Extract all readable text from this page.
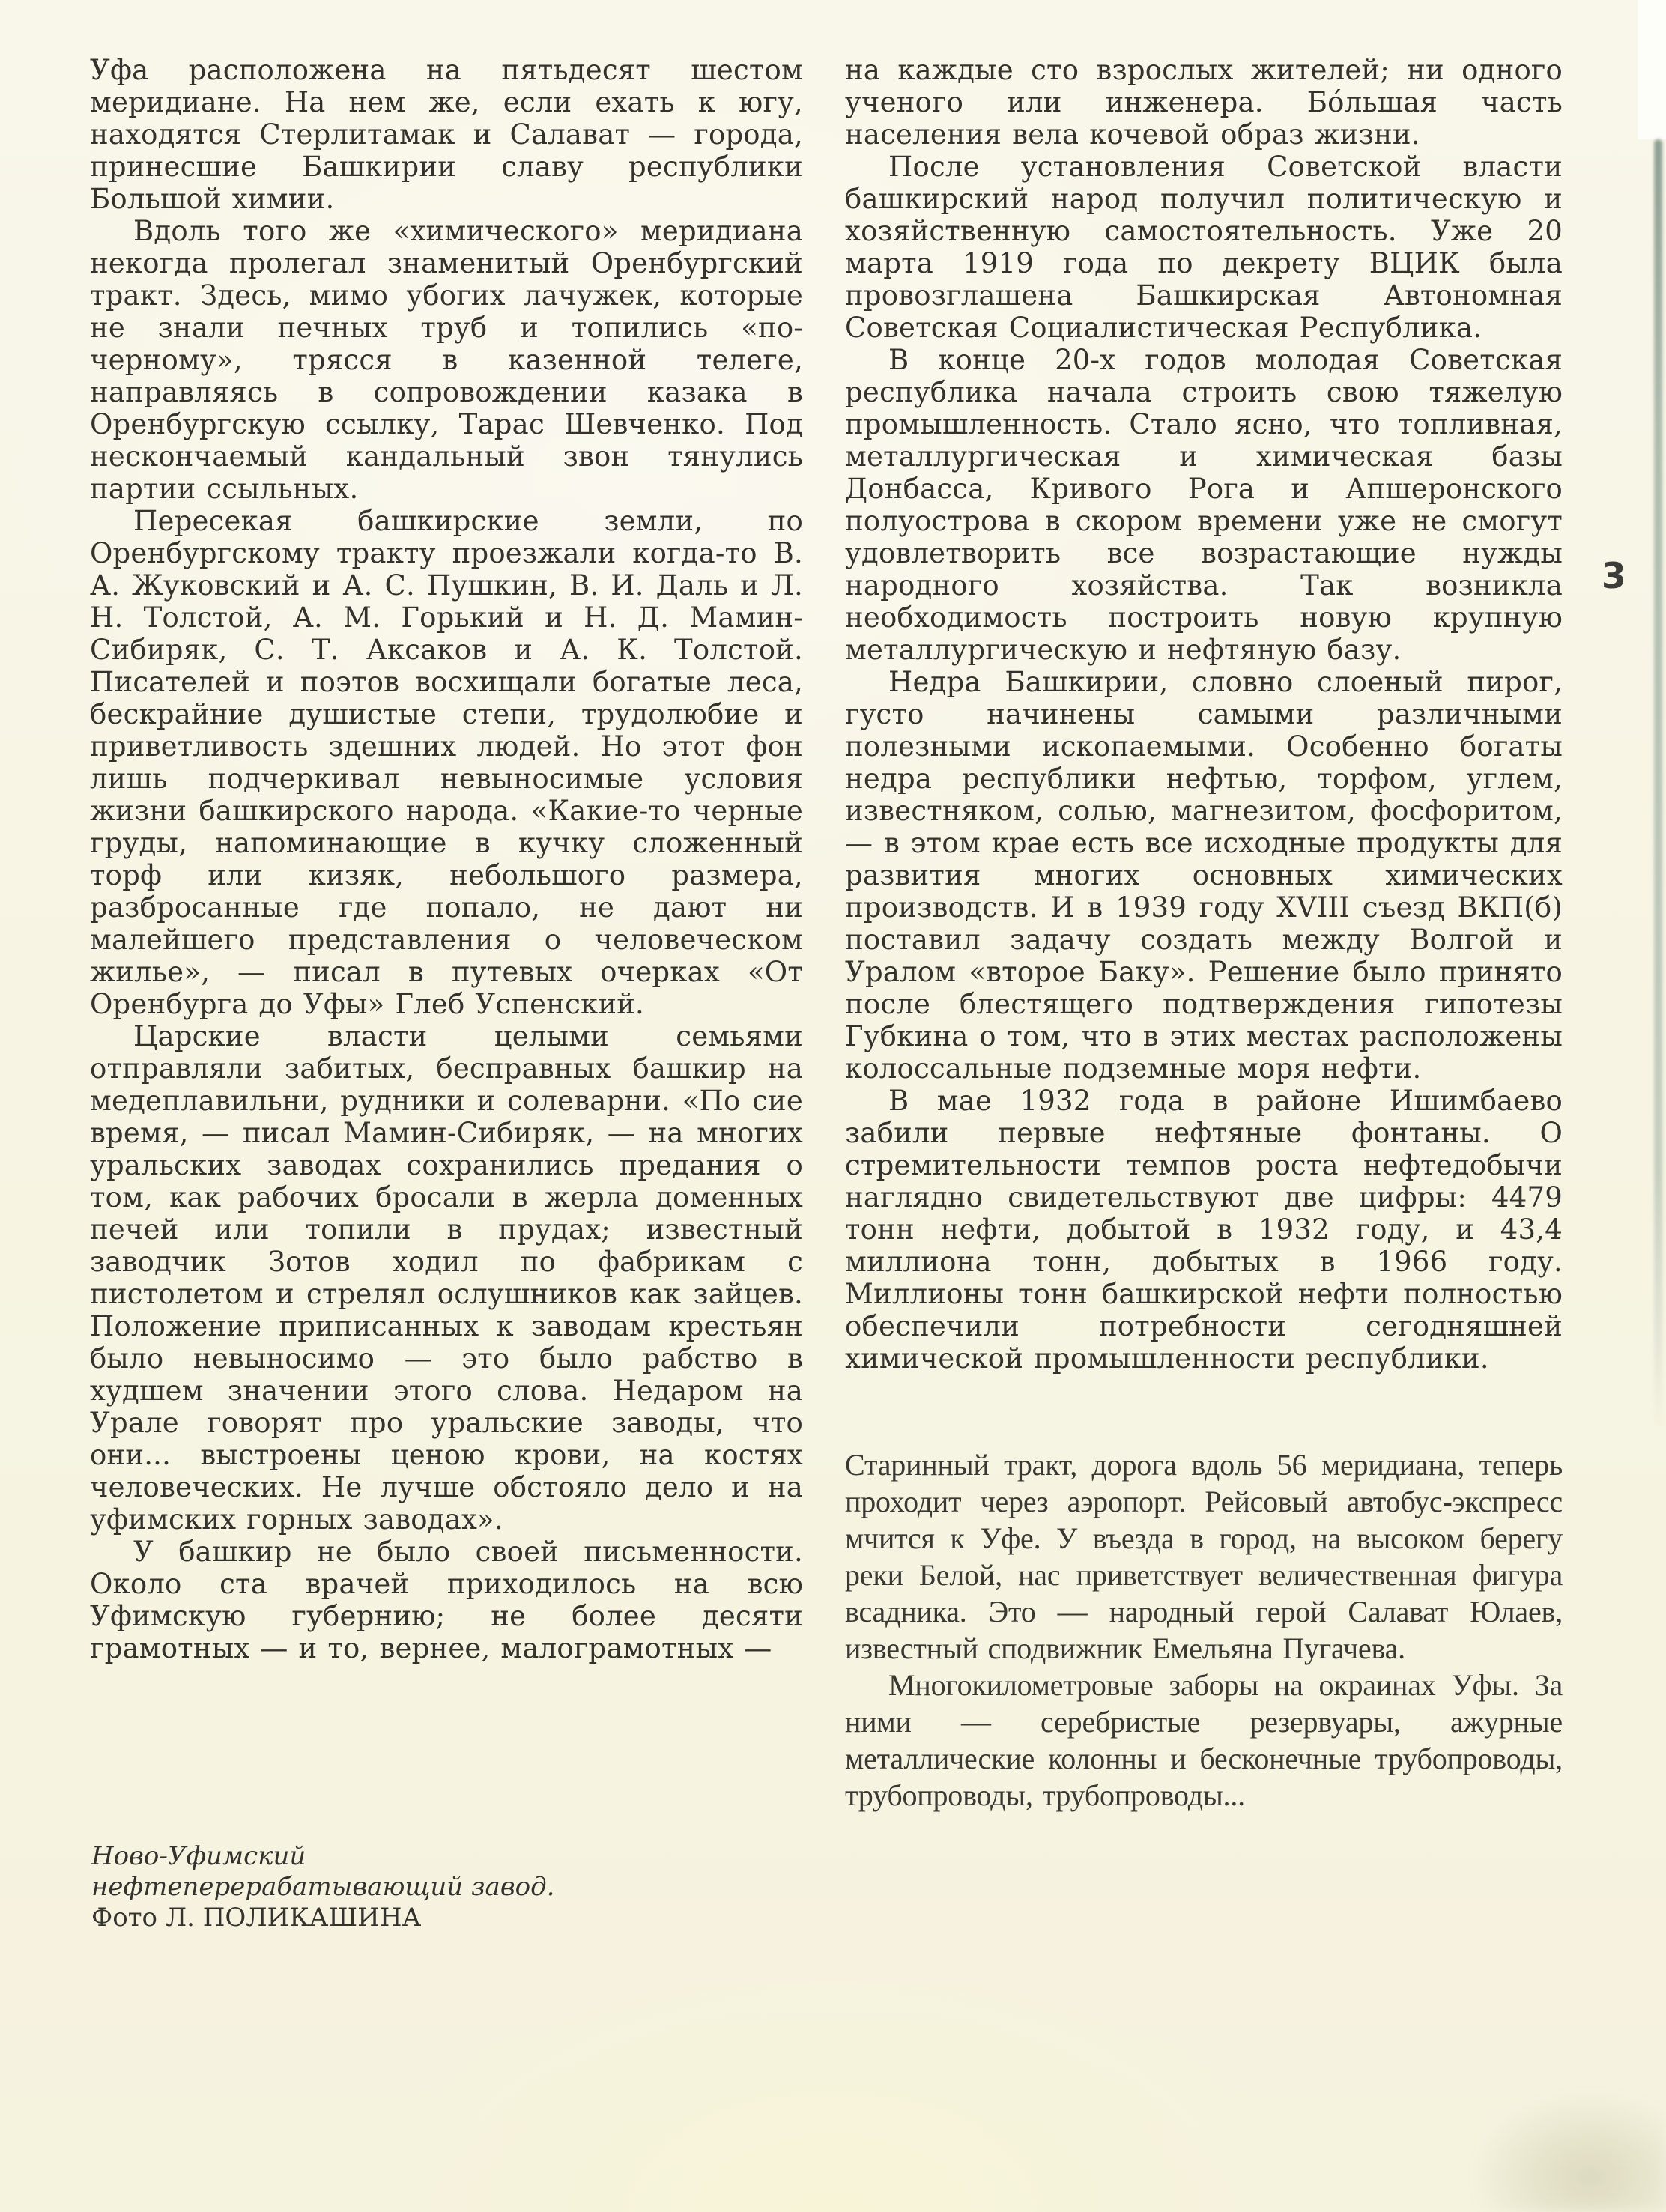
Уфа расположена на пятьдесят шестом меридиане. На нем же, если ехать к югу, находятся Стерлитамак и Салават — города, принесшие Башкирии славу республики Большой химии.

Вдоль того же «химического» меридиана некогда пролегал знаменитый Оренбургский тракт. Здесь, мимо убогих лачужек, которые не знали печных труб и топились «по-черному», трясся в казенной телеге, направляясь в сопровождении казака в Оренбургскую ссылку, Тарас Шевченко. Под нескончаемый кандальный звон тянулись партии ссыльных.

Пересекая башкирские земли, по Оренбургскому тракту проезжали когда-то В. А. Жуковский и А. С. Пушкин, В. И. Даль и Л. Н. Толстой, А. М. Горький и Н. Д. Мамин-Сибиряк, С. Т. Аксаков и А. К. Толстой. Писателей и поэтов восхищали богатые леса, бескрайние душистые степи, трудолюбие и приветливость здешних людей. Но этот фон лишь подчеркивал невыносимые условия жизни башкирского народа. «Какие-то черные груды, напоминающие в кучку сложенный торф или кизяк, небольшого размера, разбросанные где попало, не дают ни малейшего представления о человеческом жилье», — писал в путевых очерках «От Оренбурга до Уфы» Глеб Успенский.

Царские власти целыми семьями отправляли забитых, бесправных башкир на медеплавильни, рудники и солеварни. «По сие время, — писал Мамин-Сибиряк, — на многих уральских заводах сохранились предания о том, как рабочих бросали в жерла доменных печей или топили в прудах; известный заводчик Зотов ходил по фабрикам с пистолетом и стрелял ослушников как зайцев. Положение приписанных к заводам крестьян было невыносимо — это было рабство в худшем значении этого слова. Недаром на Урале говорят про уральские заводы, что они... выстроены ценою крови, на костях человеческих. Не лучше обстояло дело и на уфимских горных заводах».

У башкир не было своей письменности. Около ста врачей приходилось на всю Уфимскую губернию; не более десяти грамотных — и то, вернее, малограмотных —

на каждые сто взрослых жителей; ни одного ученого или инженера. Бо́льшая часть населения вела кочевой образ жизни.

После установления Советской власти башкирский народ получил политическую и хозяйственную самостоятельность. Уже 20 марта 1919 года по декрету ВЦИК была провозглашена Башкирская Автономная Советская Социалистическая Республика.

В конце 20-х годов молодая Советская республика начала строить свою тяжелую промышленность. Стало ясно, что топливная, металлургическая и химическая базы Донбасса, Кривого Рога и Апшеронского полуострова в скором времени уже не смогут удовлетворить все возрастающие нужды народного хозяйства. Так возникла необходимость построить новую крупную металлургическую и нефтяную базу.

Недра Башкирии, словно слоеный пирог, густо начинены самыми различными полезными ископаемыми. Особенно богаты недра республики нефтью, торфом, углем, известняком, солью, магнезитом, фосфоритом, — в этом крае есть все исходные продукты для развития многих основных химических производств. И в 1939 году XVIII съезд ВКП(б) поставил задачу создать между Волгой и Уралом «второе Баку». Решение было принято после блестящего подтверждения гипотезы Губкина о том, что в этих местах расположены колоссальные подземные моря нефти.

В мае 1932 года в районе Ишимбаево забили первые нефтяные фонтаны. О стремительности темпов роста нефтедобычи наглядно свидетельствуют две цифры: 4479 тонн нефти, добытой в 1932 году, и 43,4 миллиона тонн, добытых в 1966 году. Миллионы тонн башкирской нефти полностью обеспечили потребности сегодняшней химической промышленности республики.

Старинный тракт, дорога вдоль 56 меридиана, теперь проходит через аэропорт. Рейсовый автобус-экспресс мчится к Уфе. У въезда в город, на высоком берегу реки Белой, нас приветствует величественная фигура всадника. Это — народный герой Салават Юлаев, известный сподвижник Емельяна Пугачева.

Многокилометровые заборы на окраинах Уфы. За ними — серебристые резервуары, ажурные металлические колонны и бесконечные трубопроводы, трубопроводы, трубопроводы...

3
Ново-Уфимский
нефтеперерабатывающий завод.
Фото Л. ПОЛИКАШИНА
